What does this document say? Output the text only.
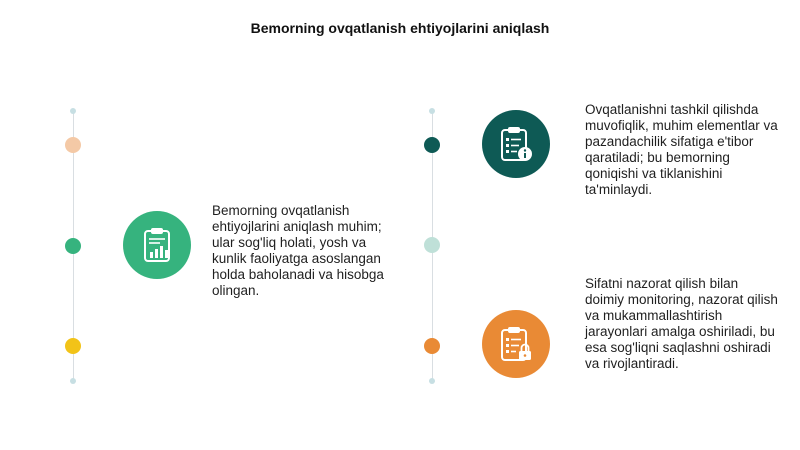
Bemorning ovqatlanish ehtiyojlarini aniqlash
Bemorning ovqatlanish ehtiyojlarini aniqlash muhim; ular sog'liq holati, yosh va kunlik faoliyatga asoslangan holda baholanadi va hisobga olingan.
Ovqatlanishni tashkil qilishda muvofiqlik, muhim elementlar va pazandachilik sifatiga e'tibor qaratiladi; bu bemorning qoniqishi va tiklanishini ta'minlaydi.
Sifatni nazorat qilish bilan doimiy monitoring, nazorat qilish va mukammallashtirish jarayonlari amalga oshiriladi, bu esa sog'liqni saqlashni oshiradi va rivojlantiradi.
